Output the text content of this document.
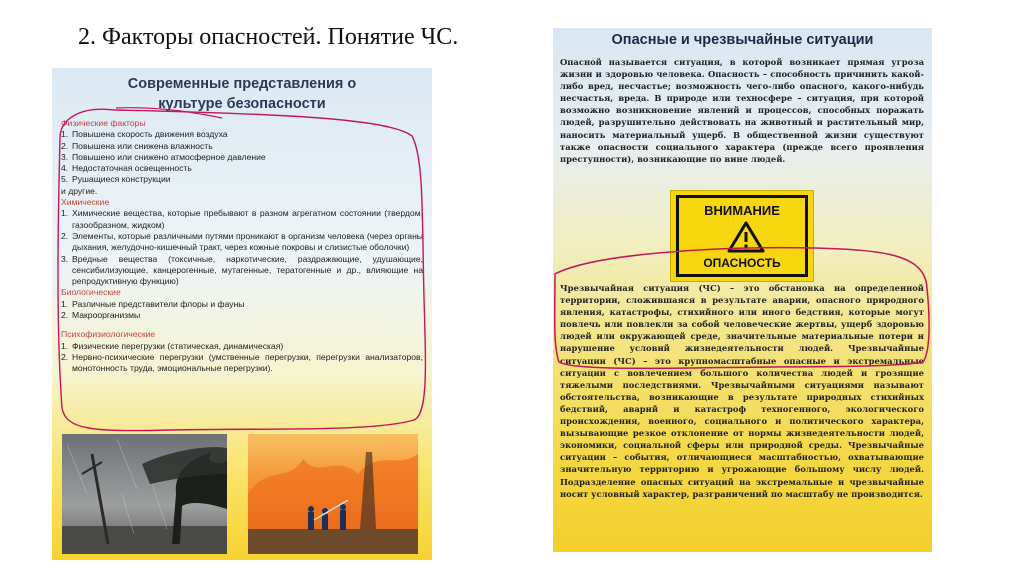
2. Факторы опасностей. Понятие ЧС.
Современные представления о
культуре безопасности
Физические факторы
1. Повышена скорость движения воздуха
2. Повышена или снижена влажность
3. Повышено или снижено атмосферное давление
4. Недостаточная освещенность
5. Рушащиеся конструкции
и другие.
Химические
1. Химические вещества, которые пребывают в разном агрегатном состоянии (твердом, газообразном, жидком)
2. Элементы, которые различными путями проникают в организм человека (через органы дыхания, желудочно-кишечный тракт, через кожные покровы и слизистые оболочки)
3. Вредные вещества (токсичные, наркотические, раздражающие, удушающие, сенсибилизующие, канцерогенные, мутагенные, тератогенные и др., влияющие на репродуктивную функцию)
Биологические
1. Различные представители флоры и фауны
2. Макроорганизмы
Психофизиологические
1. Физические перегрузки (статическая, динамическая)
2. Нервно-психические перегрузки (умственные перегрузки, перегрузки анализаторов, монотонность труда, эмоциональные перегрузки).
Опасные и чрезвычайные ситуации
Опасной называется ситуация, в которой возникает прямая угроза жизни и здоровью человека. Опасность – способность причинить какой-либо вред, несчастье; возможность чего-либо опасного, какого-нибудь несчастья, вреда. В природе или техносфере – ситуация, при которой возможно возникновение явлений и процессов, способных поражать людей, разрушительно действовать на животный и растительный мир, наносить материальный ущерб. В общественной жизни существуют также опасности социального характера (прежде всего проявления преступности), возникающие по вине людей.
ВНИМАНИЕ
ОПАСНОСТЬ
Чрезвычайная ситуация (ЧС) – это обстановка на определенной территории, сложившаяся в результате аварии, опасного природного явления, катастрофы, стихийного или иного бедствия, которые могут повлечь или повлекли за собой человеческие жертвы, ущерб здоровью людей или окружающей среде, значительные материальные потери и нарушение условий жизнедеятельности людей. Чрезвычайные ситуации (ЧС) – это крупномасштабные опасные и экстремальные ситуации с вовлечением большого количества людей и грозящие тяжелыми последствиями. Чрезвычайными ситуациями называют обстоятельства, возникающие в результате природных стихийных бедствий, аварий и катастроф техногенного, экологического происхождения, военного, социального и политического характера, вызывающие резкое отклонение от нормы жизнедеятельности людей, экономики, социальной сферы или природной среды. Чрезвычайные ситуации – события, отличающиеся масштабностью, охватывающие значительную территорию и угрожающие большому числу людей. Подразделение опасных ситуаций на экстремальные и чрезвычайные носит условный характер, разграничений по масштабу не производится.
